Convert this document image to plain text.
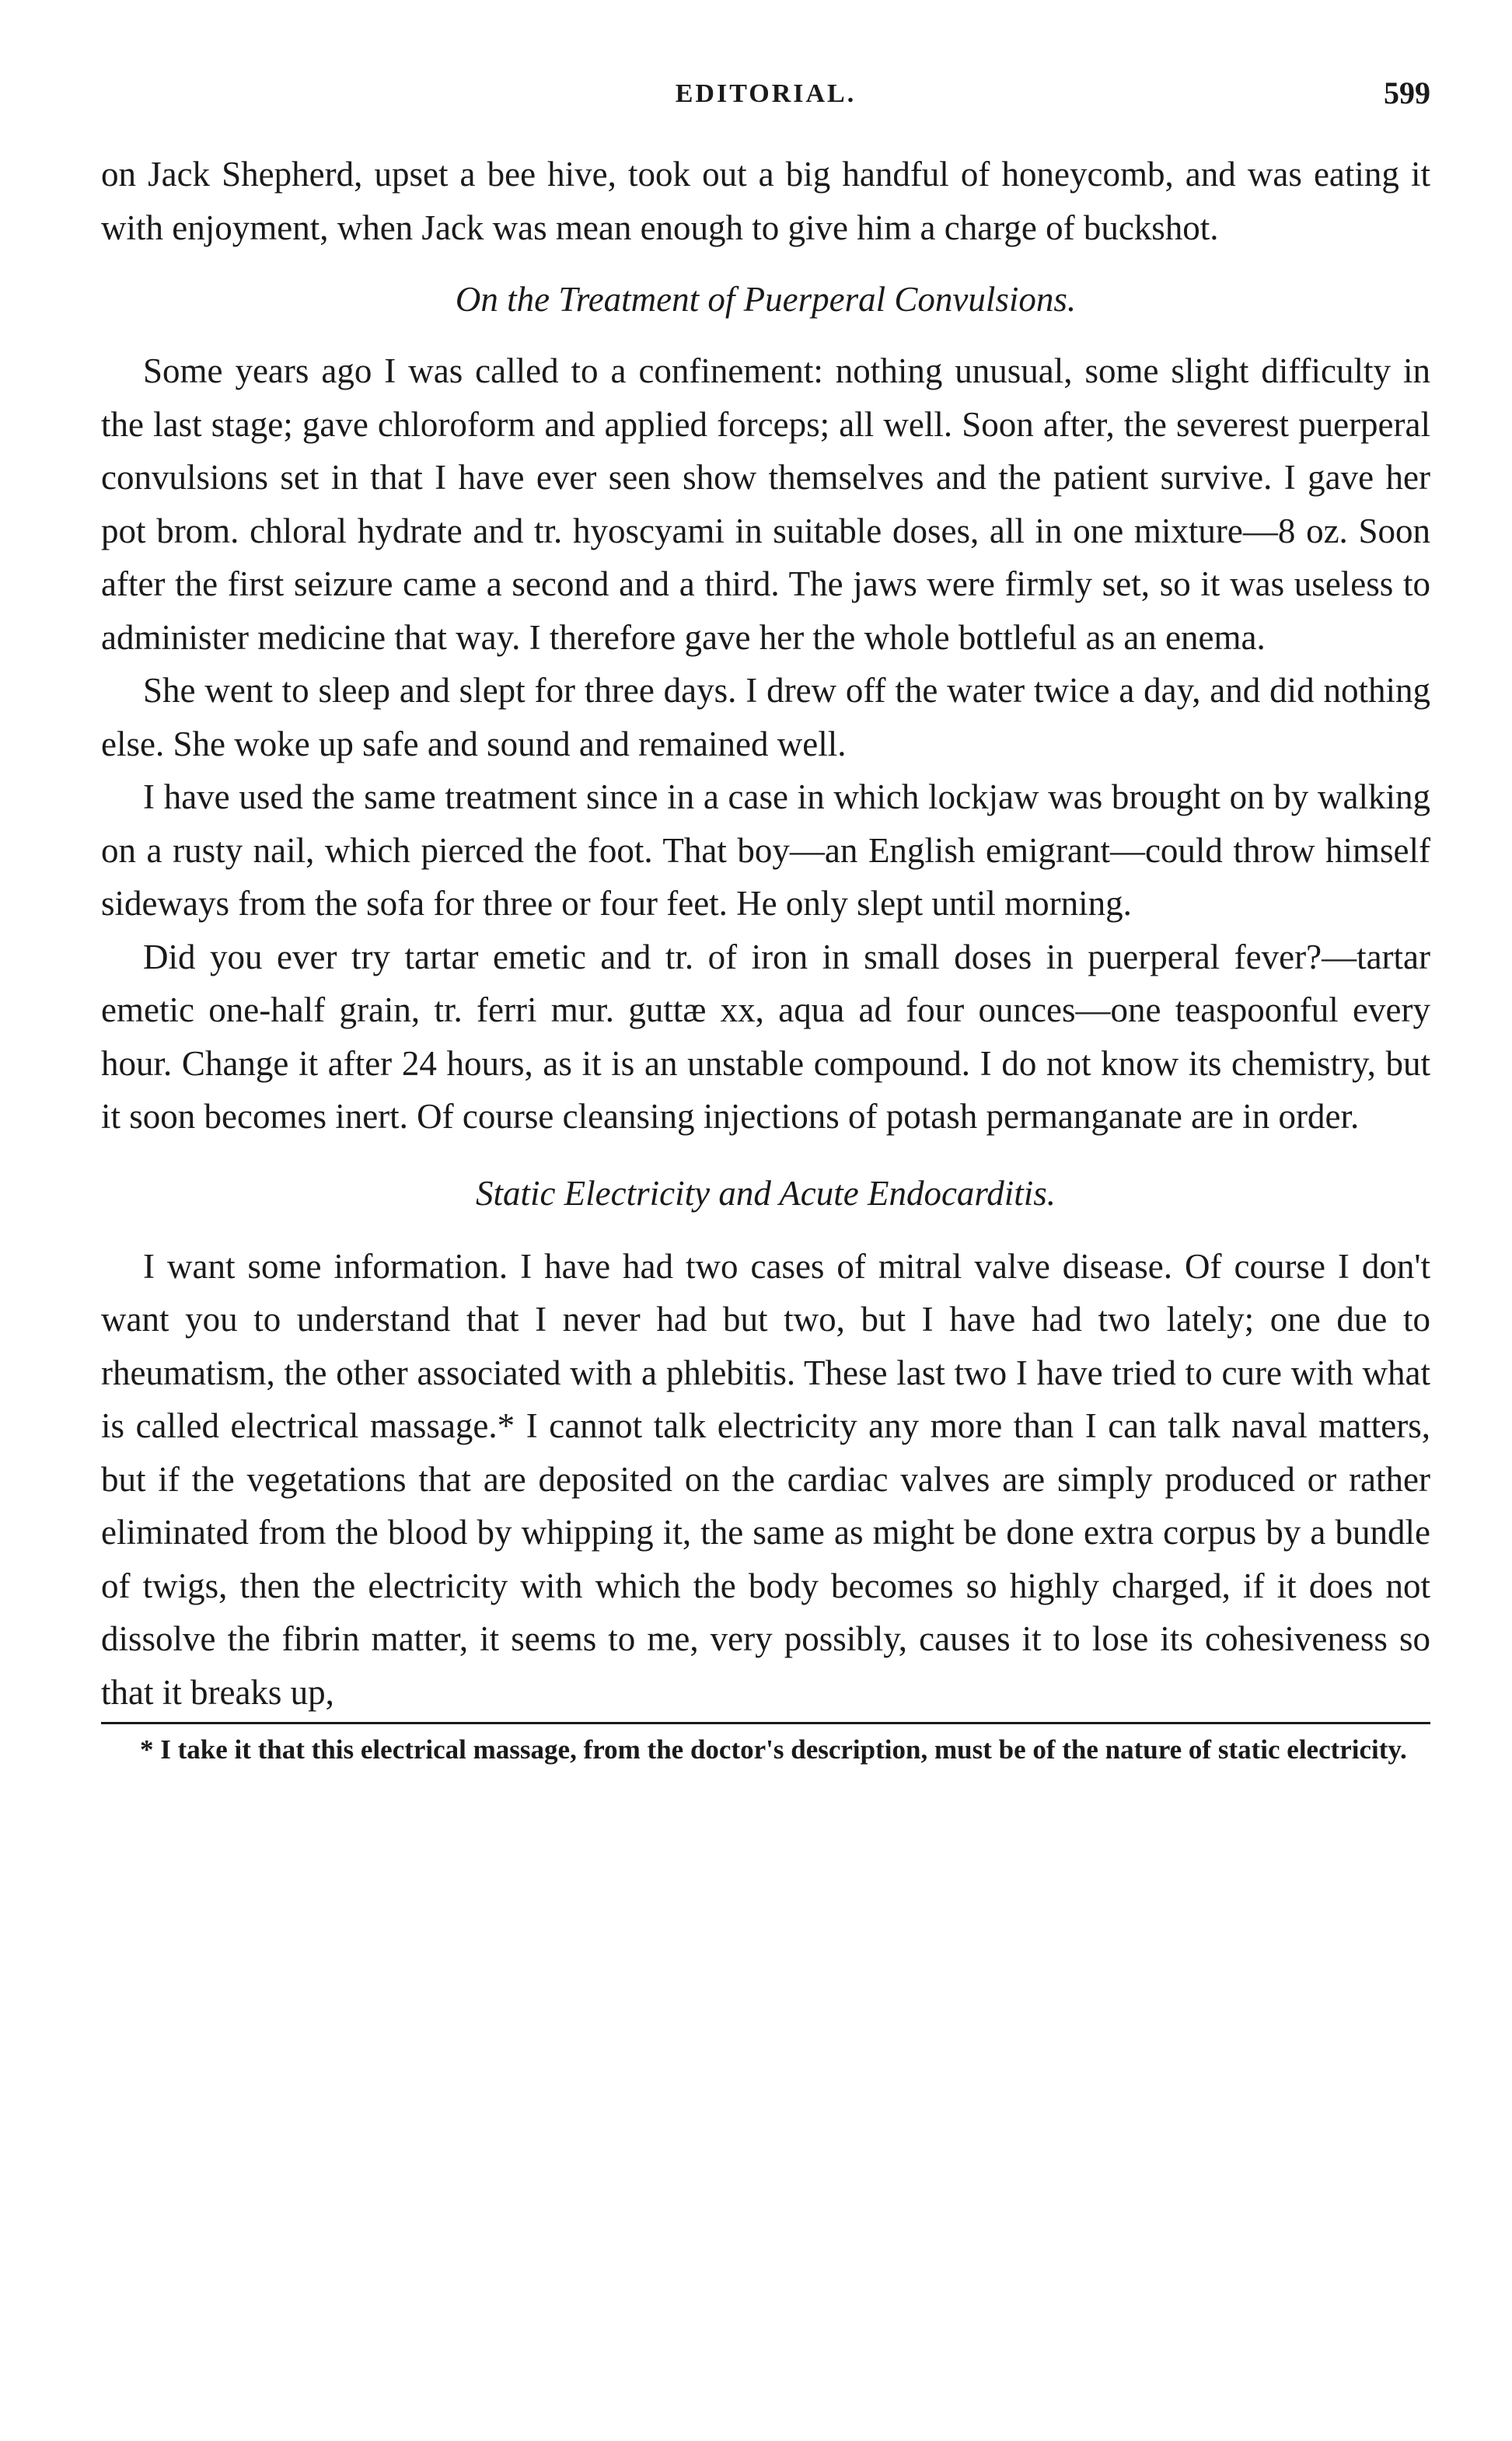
EDITORIAL.	599

on Jack Shepherd, upset a bee hive, took out a big handful of honeycomb, and was eating it with enjoyment, when Jack was mean enough to give him a charge of buckshot.

On the Treatment of Puerperal Convulsions.

Some years ago I was called to a confinement: nothing unusual, some slight difficulty in the last stage; gave chloroform and applied forceps; all well. Soon after, the severest puerperal convulsions set in that I have ever seen show themselves and the patient survive. I gave her pot brom. chloral hydrate and tr. hyoscyami in suitable doses, all in one mixture—8 oz. Soon after the first seizure came a second and a third. The jaws were firmly set, so it was useless to administer medicine that way. I therefore gave her the whole bottleful as an enema.

She went to sleep and slept for three days. I drew off the water twice a day, and did nothing else. She woke up safe and sound and remained well.

I have used the same treatment since in a case in which lockjaw was brought on by walking on a rusty nail, which pierced the foot. That boy—an English emigrant—could throw himself sideways from the sofa for three or four feet. He only slept until morning.

Did you ever try tartar emetic and tr. of iron in small doses in puerperal fever?—tartar emetic one-half grain, tr. ferri mur. guttæ xx, aqua ad four ounces—one teaspoonful every hour. Change it after 24 hours, as it is an unstable compound. I do not know its chemistry, but it soon becomes inert. Of course cleansing injections of potash permanganate are in order.

Static Electricity and Acute Endocarditis.

I want some information. I have had two cases of mitral valve disease. Of course I don't want you to understand that I never had but two, but I have had two lately; one due to rheumatism, the other associated with a phlebitis. These last two I have tried to cure with what is called electrical massage.* I cannot talk electricity any more than I can talk naval matters, but if the vegetations that are deposited on the cardiac valves are simply produced or rather eliminated from the blood by whipping it, the same as might be done extra corpus by a bundle of twigs, then the electricity with which the body becomes so highly charged, if it does not dissolve the fibrin matter, it seems to me, very possibly, causes it to lose its cohesiveness so that it breaks up,

* I take it that this electrical massage, from the doctor's description, must be of the nature of static electricity.
